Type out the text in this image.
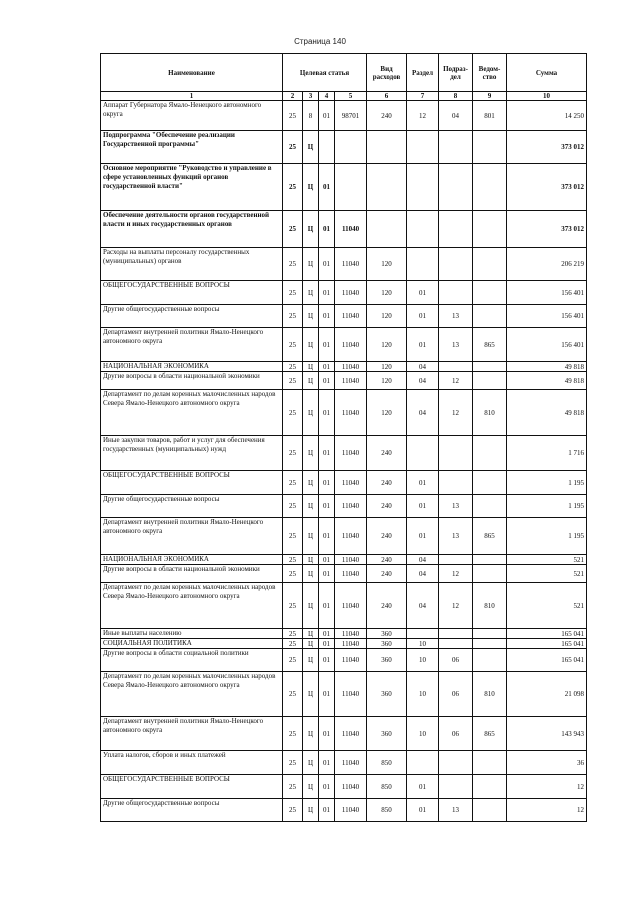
Страница 140
Наименование	Целевая статья				Вид расходов	Раздел	Подраз-дел	Ведом-ство	Сумма
1	2	3	4	5	6	7	8	9	10
Аппарат Губернатора Ямало-Ненецкого автономного округа	25	8	01	98701	240	12	04	801	14 250
Подпрограмма "Обеспечение реализации Государственной программы"	25	Ц							373 012
Основное мероприятие "Руководство и управление в сфере установленных функций органов государственной власти"	25	Ц	01						373 012
Обеспечение деятельности органов государственной власти и иных государственных органов	25	Ц	01	11040					373 012
Расходы на выплаты персоналу государственных (муниципальных) органов	25	Ц	01	11040	120				206 219
ОБЩЕГОСУДАРСТВЕННЫЕ ВОПРОСЫ	25	Ц	01	11040	120	01			156 401
Другие общегосударственные вопросы	25	Ц	01	11040	120	01	13		156 401
Департамент внутренней политики Ямало-Ненецкого автономного округа	25	Ц	01	11040	120	01	13	865	156 401
НАЦИОНАЛЬНАЯ ЭКОНОМИКА	25	Ц	01	11040	120	04			49 818
Другие вопросы в области национальной экономики	25	Ц	01	11040	120	04	12		49 818
Департамент по делам коренных малочисленных народов Севера Ямало-Ненецкого автономного округа	25	Ц	01	11040	120	04	12	810	49 818
Иные закупки товаров, работ и услуг для обеспечения государственных (муниципальных) нужд	25	Ц	01	11040	240				1 716
ОБЩЕГОСУДАРСТВЕННЫЕ ВОПРОСЫ	25	Ц	01	11040	240	01			1 195
Другие общегосударственные вопросы	25	Ц	01	11040	240	01	13		1 195
Департамент внутренней политики Ямало-Ненецкого автономного округа	25	Ц	01	11040	240	01	13	865	1 195
НАЦИОНАЛЬНАЯ ЭКОНОМИКА	25	Ц	01	11040	240	04			521
Другие вопросы в области национальной экономики	25	Ц	01	11040	240	04	12		521
Департамент по делам коренных малочисленных народов Севера Ямало-Ненецкого автономного округа	25	Ц	01	11040	240	04	12	810	521
Иные выплаты населению	25	Ц	01	11040	360				165 041
СОЦИАЛЬНАЯ ПОЛИТИКА	25	Ц	01	11040	360	10			165 041
Другие вопросы в области социальной политики	25	Ц	01	11040	360	10	06		165 041
Департамент по делам коренных малочисленных народов Севера Ямало-Ненецкого автономного округа	25	Ц	01	11040	360	10	06	810	21 098
Департамент внутренней политики Ямало-Ненецкого автономного округа	25	Ц	01	11040	360	10	06	865	143 943
Уплата налогов, сборов и иных платежей	25	Ц	01	11040	850				36
ОБЩЕГОСУДАРСТВЕННЫЕ ВОПРОСЫ	25	Ц	01	11040	850	01			12
Другие общегосударственные вопросы	25	Ц	01	11040	850	01	13		12
